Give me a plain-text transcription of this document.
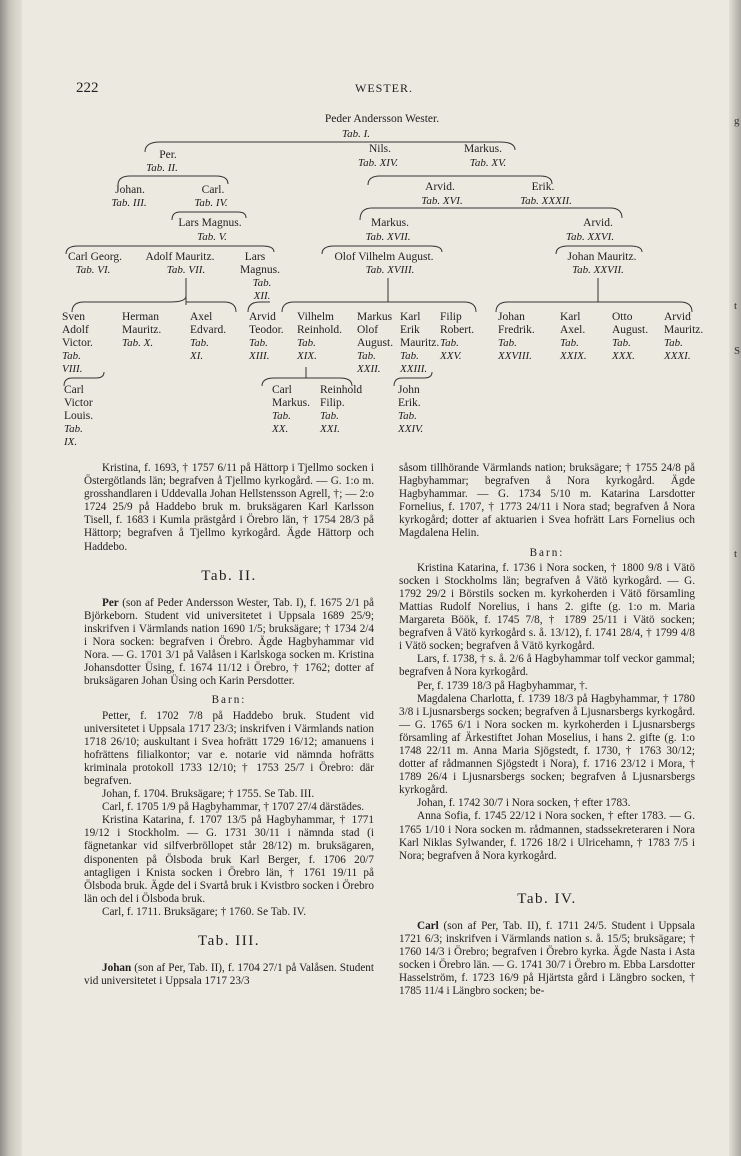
g
t
S
t
222	WESTER.
Peder Andersson Wester.
Tab. I.
Per.
Tab. II.
Nils.
Tab. XIV.
Markus.
Tab. XV.
Johan.
Tab. III.
Carl.
Tab. IV.
Arvid.
Tab. XVI.
Erik.
Tab. XXXII.
Lars Magnus.
Tab. V.
Markus.
Tab. XVII.
Arvid.
Tab. XXVI.
Carl Georg.
Tab. VI.
Adolf Mauritz.
Tab. VII.
Lars
Magnus.
Tab.
XII.
Olof Vilhelm August.
Tab. XVIII.
Johan Mauritz.
Tab. XXVII.
Sven
Adolf
Victor.
Tab.
VIII.
Herman
Mauritz.
Tab. X.
Axel
Edvard.
Tab.
XI.
Arvid
Teodor.
Tab.
XIII.
Vilhelm
Reinhold.
Tab.
XIX.
Markus
Olof
August.
Tab.
XXII.
Karl
Erik
Mauritz.
Tab.
XXIII.
Filip
Robert.
Tab.
XXV.
Johan
Fredrik.
Tab.
XXVIII.
Karl
Axel.
Tab.
XXIX.
Otto
August.
Tab.
XXX.
Arvid
Mauritz.
Tab.
XXXI.
Carl
Victor
Louis.
Tab.
IX.
Carl
Markus.
Tab.
XX.
Reinhold
Filip.
Tab.
XXI.
John
Erik.
Tab.
XXIV.

Kristina, f. 1693, † 1757 6/11 på Hättorp i Tjellmo socken i Östergötlands län; begrafven å Tjellmo kyrkogård. — G. 1:o m. grosshandlaren i Uddevalla Johan Hellstensson Agrell, †; — 2:o 1724 25/9 på Haddebo bruk m. bruksägaren Karl Karlsson Tisell, f. 1683 i Kumla prästgård i Örebro län, † 1754 28/3 på Hättorp; begrafven å Tjellmo kyrkogård. Ägde Hättorp och Haddebo.

Tab. II.

Per (son af Peder Andersson Wester, Tab. I), f. 1675 2/1 på Björkeborn. Student vid universitetet i Uppsala 1689 25/9; inskrifven i Värmlands nation 1690 1/5; bruksägare; † 1734 2/4 i Nora socken: begrafven i Örebro. Ägde Hagbyhammar vid Nora. — G. 1701 3/1 på Valåsen i Karlskoga socken m. Kristina Johansdotter Üsing, f. 1674 11/12 i Örebro, † 1762; dotter af bruksägaren Johan Üsing och Karin Persdotter.

Barn:

Petter, f. 1702 7/8 på Haddebo bruk. Student vid universitetet i Uppsala 1717 23/3; inskrifven i Värmlands nation 1718 26/10; auskultant i Svea hofrätt 1729 16/12; amanuens i hofrättens filialkontor; var e. notarie vid nämnda hofrätts kriminala protokoll 1733 12/10; † 1753 25/7 i Örebro: där begrafven.

Johan, f. 1704. Bruksägare; † 1755. Se Tab. III.

Carl, f. 1705 1/9 på Hagbyhammar, † 1707 27/4 därstädes.

Kristina Katarina, f. 1707 13/5 på Hagbyhammar, † 1771 19/12 i Stockholm. — G. 1731 30/11 i nämnda stad (i fägnetankar vid silfverbröllopet står 28/12) m. bruksägaren, disponenten på Ölsboda bruk Karl Berger, f. 1706 20/7 antagligen i Knista socken i Örebro län, † 1761 19/11 på Ölsboda bruk. Ägde del i Svartå bruk i Kvistbro socken i Örebro län och del i Ölsboda bruk.

Carl, f. 1711. Bruksägare; † 1760. Se Tab. IV.

Tab. III.

Johan (son af Per, Tab. II), f. 1704 27/1 på Valåsen. Student vid universitetet i Uppsala 1717 23/3

såsom tillhörande Värmlands nation; bruksägare; † 1755 24/8 på Hagbyhammar; begrafven å Nora kyrkogård. Ägde Hagbyhammar. — G. 1734 5/10 m. Katarina Larsdotter Fornelius, f. 1707, † 1773 24/11 i Nora stad; begrafven å Nora kyrkogård; dotter af aktuarien i Svea hofrätt Lars Fornelius och Magdalena Helin.

Barn:

Kristina Katarina, f. 1736 i Nora socken, † 1800 9/8 i Vätö socken i Stockholms län; begrafven å Vätö kyrkogård. — G. 1792 29/2 i Börstils socken m. kyrkoherden i Vätö församling Mattias Rudolf Norelius, i hans 2. gifte (g. 1:o m. Maria Margareta Böök, f. 1745 7/8, † 1789 25/11 i Vätö socken; begrafven å Vätö kyrkogård s. å. 13/12), f. 1741 28/4, † 1799 4/8 i Vätö socken; begrafven å Vätö kyrkogård.

Lars, f. 1738, † s. å. 2/6 å Hagbyhammar tolf veckor gammal; begrafven å Nora kyrkogård.

Per, f. 1739 18/3 på Hagbyhammar, †.

Magdalena Charlotta, f. 1739 18/3 på Hagbyhammar, † 1780 3/8 i Ljusnarsbergs socken; begrafven å Ljusnarsbergs kyrkogård. — G. 1765 6/1 i Nora socken m. kyrkoherden i Ljusnarsbergs församling af Ärkestiftet Johan Moselius, i hans 2. gifte (g. 1:o 1748 22/11 m. Anna Maria Sjögstedt, f. 1730, † 1763 30/12; dotter af rådmannen Sjögstedt i Nora), f. 1716 23/12 i Mora, † 1789 26/4 i Ljusnarsbergs socken; begrafven å Ljusnarsbergs kyrkogård.

Johan, f. 1742 30/7 i Nora socken, † efter 1783.

Anna Sofia, f. 1745 22/12 i Nora socken, † efter 1783. — G. 1765 1/10 i Nora socken m. rådmannen, stadssekreteraren i Nora Karl Niklas Sylwander, f. 1726 18/2 i Ulricehamn, † 1783 7/5 i Nora; begrafven å Nora kyrkogård.

Tab. IV.

Carl (son af Per, Tab. II), f. 1711 24/5. Student i Uppsala 1721 6/3; inskrifven i Värmlands nation s. å. 15/5; bruksägare; † 1760 14/3 i Örebro; begrafven i Örebro kyrka. Ägde Nasta i Asta socken i Örebro län. — G. 1741 30/7 i Örebro m. Ebba Larsdotter Hasselström, f. 1723 16/9 på Hjärtsta gård i Längbro socken, † 1785 11/4 i Längbro socken; be-
